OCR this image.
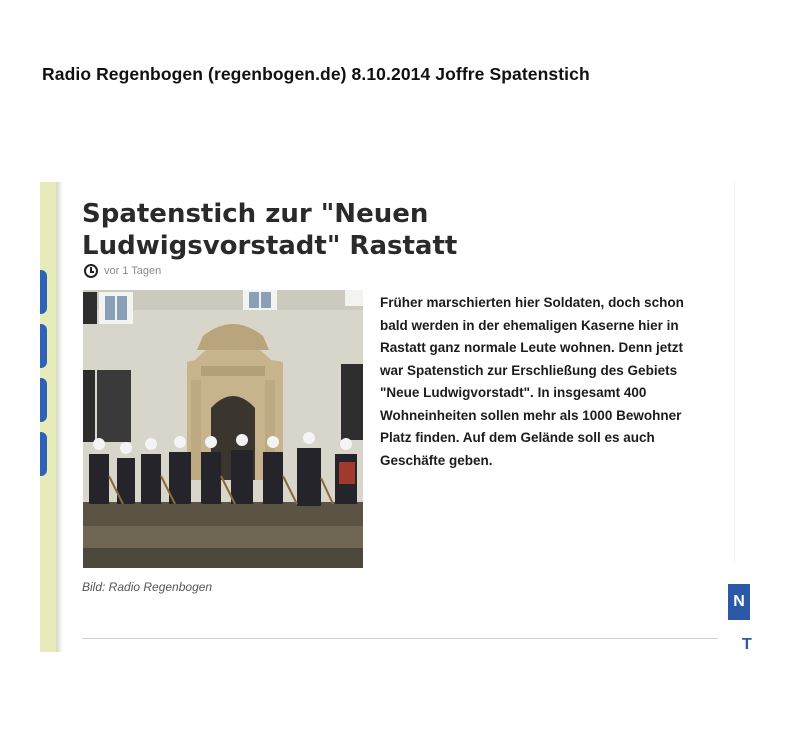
Radio Regenbogen (regenbogen.de) 8.10.2014 Joffre Spatenstich
Spatenstich zur "Neuen Ludwigsvorstadt" Rastatt
vor 1 Tagen

Früher marschierten hier Soldaten, doch schon bald werden in der ehemaligen Kaserne hier in Rastatt ganz normale Leute wohnen. Denn jetzt war Spatenstich zur Erschließung des Gebiets "Neue Ludwigvorstadt". In insgesamt 400 Wohneinheiten sollen mehr als 1000 Bewohner Platz finden. Auf dem Gelände soll es auch Geschäfte geben.

Bild: Radio Regenbogen
N
T
